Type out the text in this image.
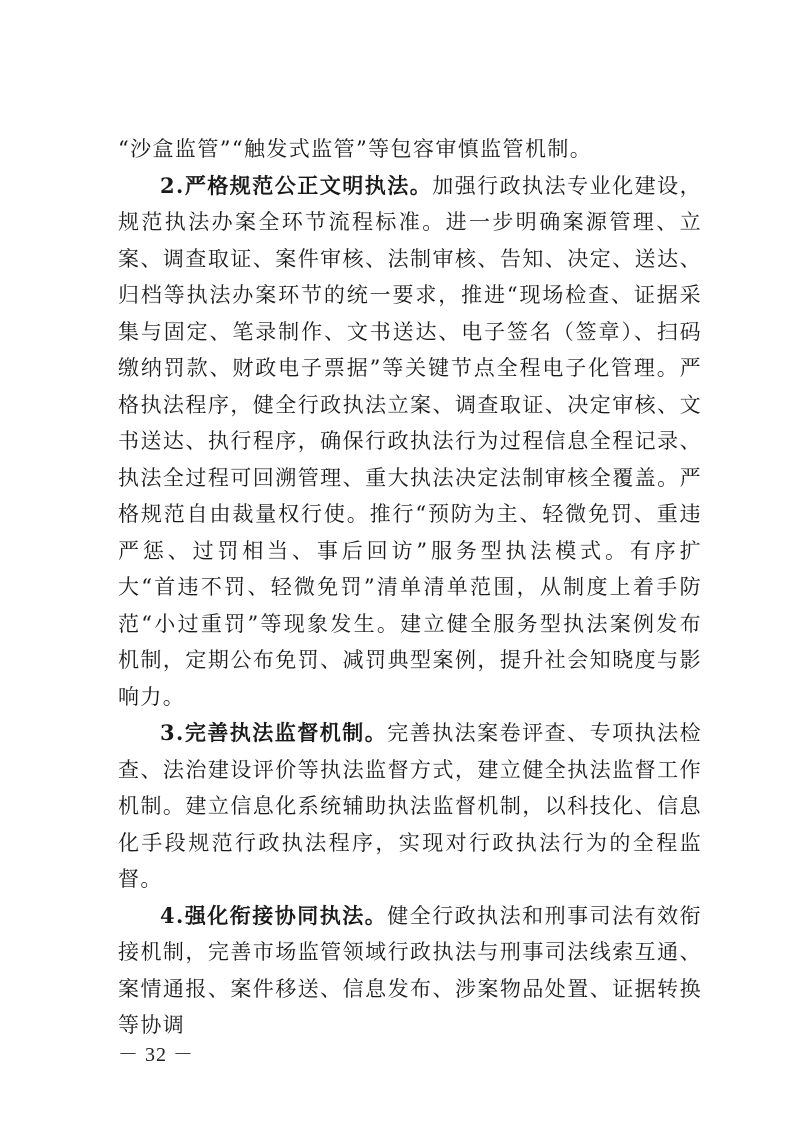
“沙盒监管”“触发式监管”等包容审慎监管机制。

2.严格规范公正文明执法。加强行政执法专业化建设，规范执法办案全环节流程标准。进一步明确案源管理、立案、调查取证、案件审核、法制审核、告知、决定、送达、归档等执法办案环节的统一要求，推进“现场检查、证据采集与固定、笔录制作、文书送达、电子签名（签章）、扫码缴纳罚款、财政电子票据”等关键节点全程电子化管理。严格执法程序，健全行政执法立案、调查取证、决定审核、文书送达、执行程序，确保行政执法行为过程信息全程记录、执法全过程可回溯管理、重大执法决定法制审核全覆盖。严格规范自由裁量权行使。推行“预防为主、轻微免罚、重违严惩、过罚相当、事后回访”服务型执法模式。有序扩大“首违不罚、轻微免罚”清单清单范围，从制度上着手防范“小过重罚”等现象发生。建立健全服务型执法案例发布机制，定期公布免罚、减罚典型案例，提升社会知晓度与影响力。

3.完善执法监督机制。完善执法案卷评查、专项执法检查、法治建设评价等执法监督方式，建立健全执法监督工作机制。建立信息化系统辅助执法监督机制，以科技化、信息化手段规范行政执法程序，实现对行政执法行为的全程监督。

4.强化衔接协同执法。健全行政执法和刑事司法有效衔接机制，完善市场监管领域行政执法与刑事司法线索互通、案情通报、案件移送、信息发布、涉案物品处置、证据转换等协调

－ 32 －
